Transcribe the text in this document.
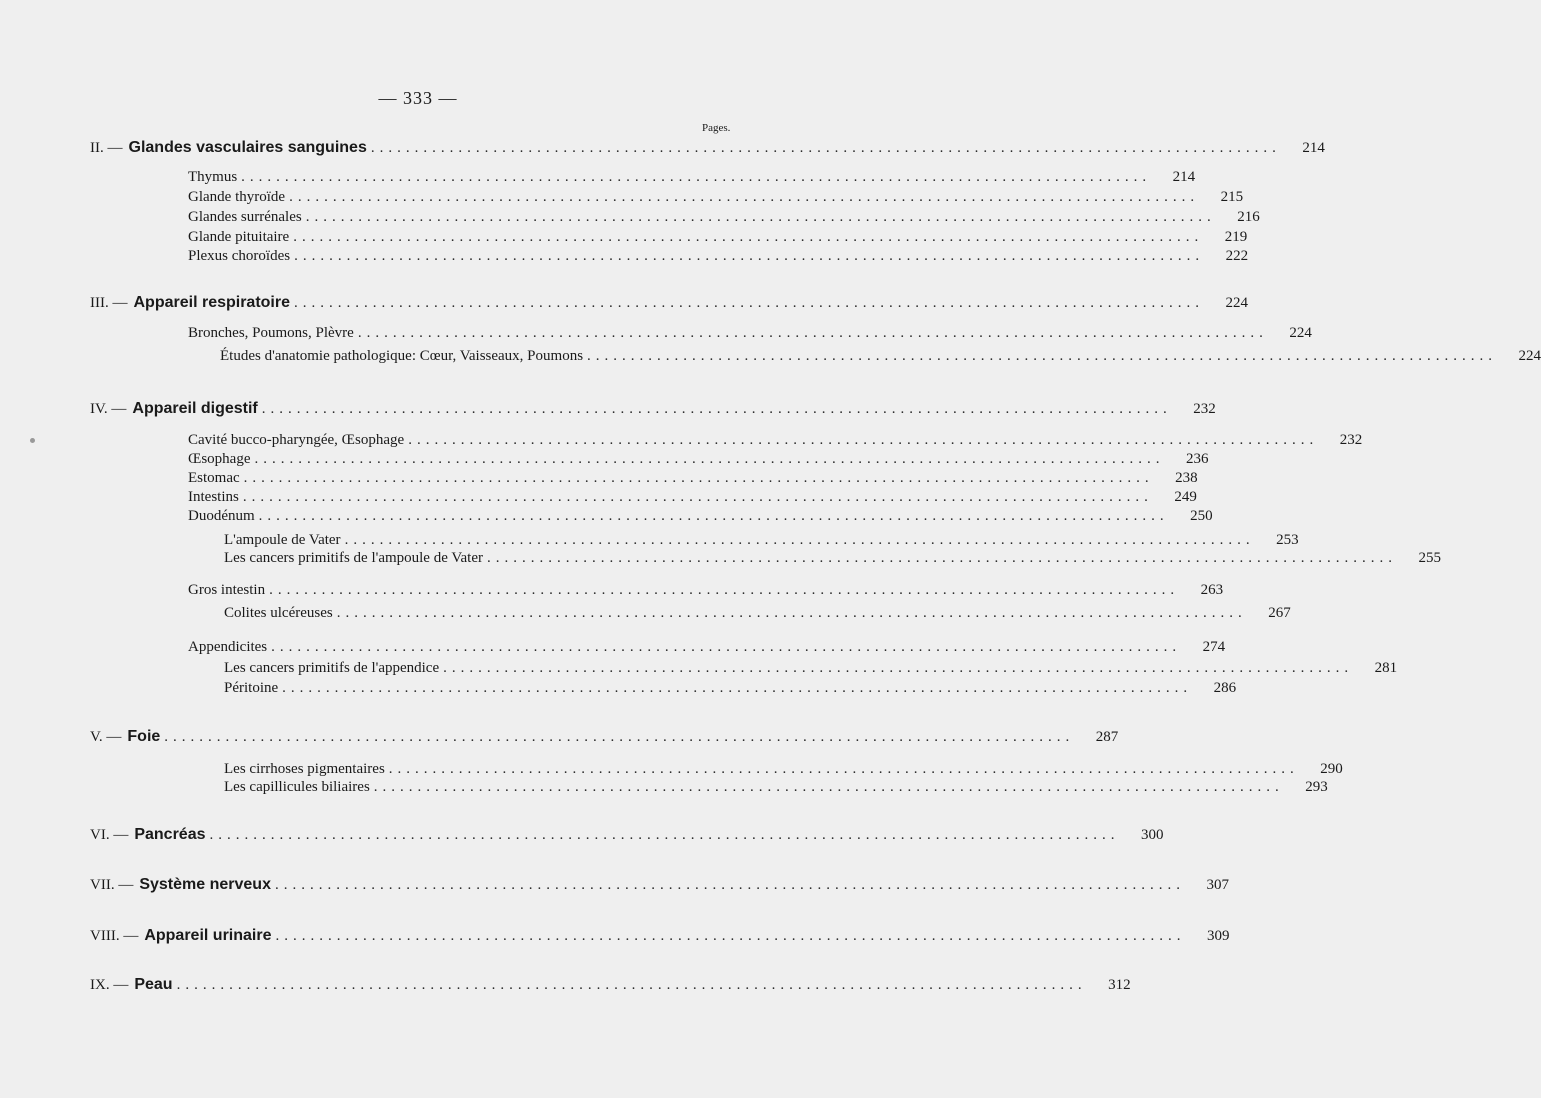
— 333 —
Pages.
II. — Glandes vasculaires sanguines ........................................................................................................	214
Thymus ........................................................................................................	214
Glande thyroïde ........................................................................................................	215
Glandes surrénales ........................................................................................................	216
Glande pituitaire ........................................................................................................	219
Plexus choroïdes ........................................................................................................	222
III. — Appareil respiratoire ........................................................................................................	224
Bronches, Poumons, Plèvre ........................................................................................................	224
Études d'anatomie pathologique: Cœur, Vaisseaux, Poumons ........................................................................................................	224
IV. — Appareil digestif ........................................................................................................	232
Cavité bucco-pharyngée, Œsophage ........................................................................................................	232
Œsophage ........................................................................................................	236
Estomac ........................................................................................................	238
Intestins ........................................................................................................	249
Duodénum ........................................................................................................	250
L'ampoule de Vater ........................................................................................................	253
Les cancers primitifs de l'ampoule de Vater ........................................................................................................	255
Gros intestin ........................................................................................................	263
Colites ulcéreuses ........................................................................................................	267
Appendicites ........................................................................................................	274
Les cancers primitifs de l'appendice ........................................................................................................	281
Péritoine ........................................................................................................	286
V. — Foie ........................................................................................................	287
Les cirrhoses pigmentaires ........................................................................................................	290
Les capillicules biliaires ........................................................................................................	293
VI. — Pancréas ........................................................................................................	300
VII. — Système nerveux ........................................................................................................	307
VIII. — Appareil urinaire ........................................................................................................	309
IX. — Peau ........................................................................................................	312
